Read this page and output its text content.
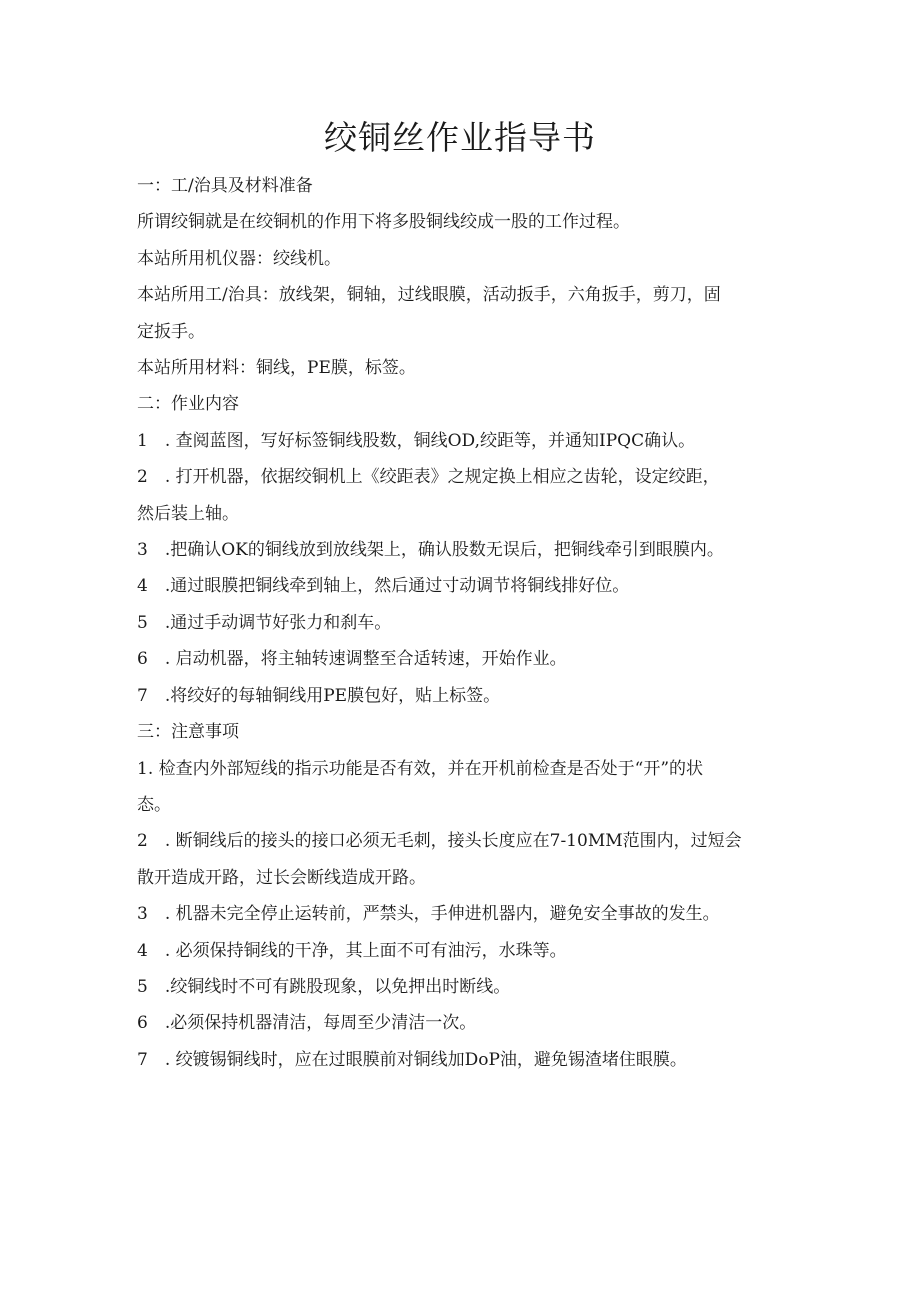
绞铜丝作业指导书

一：工/治具及材料准备

所谓绞铜就是在绞铜机的作用下将多股铜线绞成一股的工作过程。

本站所用机仪器：绞线机。

本站所用工/治具：放线架，铜轴，过线眼膜，活动扳手，六角扳手，剪刀，固

定扳手。

本站所用材料：铜线，PE膜，标签。

二：作业内容

1　. 查阅蓝图，写好标签铜线股数，铜线OD,绞距等，并通知IPQC确认。

2　. 打开机器，依据绞铜机上《绞距表》之规定换上相应之齿轮，设定绞距，

然后装上轴。

3　.把确认OK的铜线放到放线架上，确认股数无误后，把铜线牵引到眼膜内。

4　.通过眼膜把铜线牵到轴上，然后通过寸动调节将铜线排好位。

5　.通过手动调节好张力和刹车。

6　. 启动机器，将主轴转速调整至合适转速，开始作业。

7　.将绞好的每轴铜线用PE膜包好，贴上标签。

三：注意事项

1. 检查内外部短线的指示功能是否有效，并在开机前检查是否处于“开”的状

态。

2　. 断铜线后的接头的接口必须无毛刺，接头长度应在7-10MM范围内，过短会

散开造成开路，过长会断线造成开路。

3　. 机器未完全停止运转前，严禁头，手伸进机器内，避免安全事故的发生。

4　. 必须保持铜线的干净，其上面不可有油污，水珠等。

5　.绞铜线时不可有跳股现象，以免押出时断线。

6　.必须保持机器清洁，每周至少清洁一次。

7　. 绞镀锡铜线时，应在过眼膜前对铜线加DoP油，避免锡渣堵住眼膜。
